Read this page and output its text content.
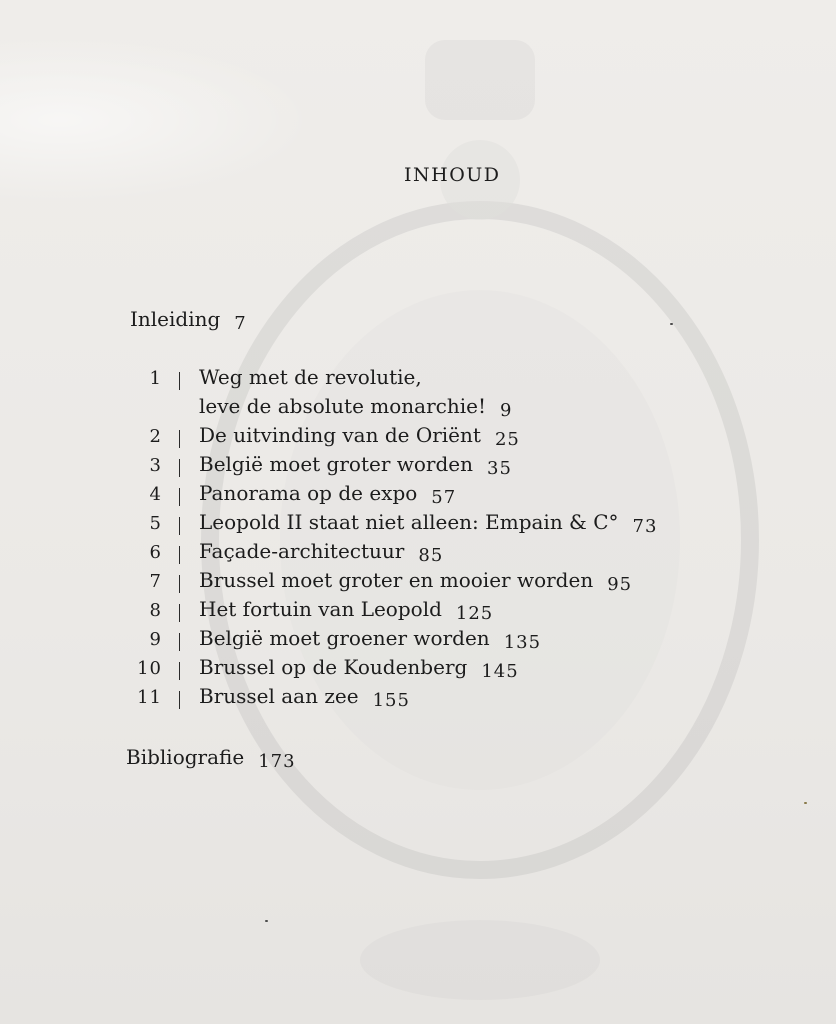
INHOUD
Inleiding 7
1 Weg met de revolutie,
leve de absolute monarchie! 9
2 De uitvinding van de Oriënt 25
3 België moet groter worden 35
4 Panorama op de expo 57
5 Leopold II staat niet alleen: Empain & C° 73
6 Façade-architectuur 85
7 Brussel moet groter en mooier worden 95
8 Het fortuin van Leopold 125
9 België moet groener worden 135
10 Brussel op de Koudenberg 145
11 Brussel aan zee 155
Bibliografie 173
